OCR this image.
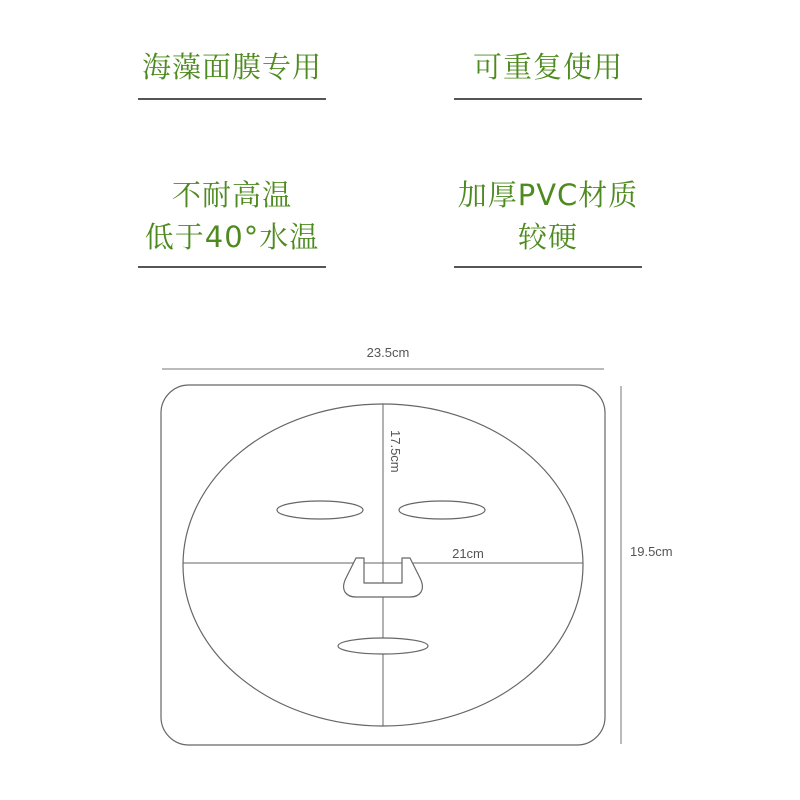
海藻面膜专用	可重复使用
不耐高温
低于40°水温
加厚PVC材质
较硬
23.5cm
19.5cm
17.5cm
21cm
